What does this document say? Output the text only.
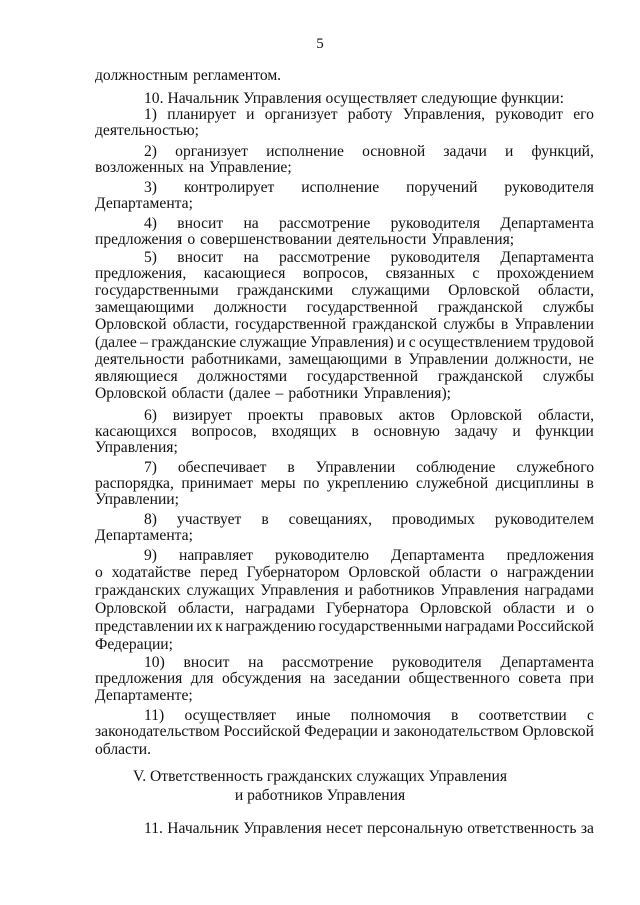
5
должностным регламентом.
10. Начальник Управления осуществляет следующие функции:
1) планирует и организует работу Управления, руководит его
деятельностью;
2) организует исполнение основной задачи и функций,
возложенных на Управление;
3) контролирует исполнение поручений руководителя
Департамента;
4) вносит на рассмотрение руководителя Департамента
предложения о совершенствовании деятельности Управления;
5) вносит на рассмотрение руководителя Департамента
предложения, касающиеся вопросов, связанных с прохождением
государственными гражданскими служащими Орловской области,
замещающими должности государственной гражданской службы
Орловской области, государственной гражданской службы в Управлении
(далее – гражданские служащие Управления) и с осуществлением трудовой
деятельности работниками, замещающими в Управлении должности, не
являющиеся должностями государственной гражданской службы
Орловской области (далее – работники Управления);
6) визирует проекты правовых актов Орловской области,
касающихся вопросов, входящих в основную задачу и функции
Управления;
7) обеспечивает в Управлении соблюдение служебного
распорядка, принимает меры по укреплению служебной дисциплины в
Управлении;
8) участвует в совещаниях, проводимых руководителем
Департамента;
9) направляет руководителю Департамента предложения
о ходатайстве перед Губернатором Орловской области о награждении
гражданских служащих Управления и работников Управления наградами
Орловской области, наградами Губернатора Орловской области и о
представлении их к награждению государственными наградами Российской
Федерации;
10) вносит на рассмотрение руководителя Департамента
предложения для обсуждения на заседании общественного совета при
Департаменте;
11) осуществляет иные полномочия в соответствии с
законодательством Российской Федерации и законодательством Орловской
области.
11. Начальник Управления несет персональную ответственность за
V. Ответственность гражданских служащих Управления
и работников Управления
